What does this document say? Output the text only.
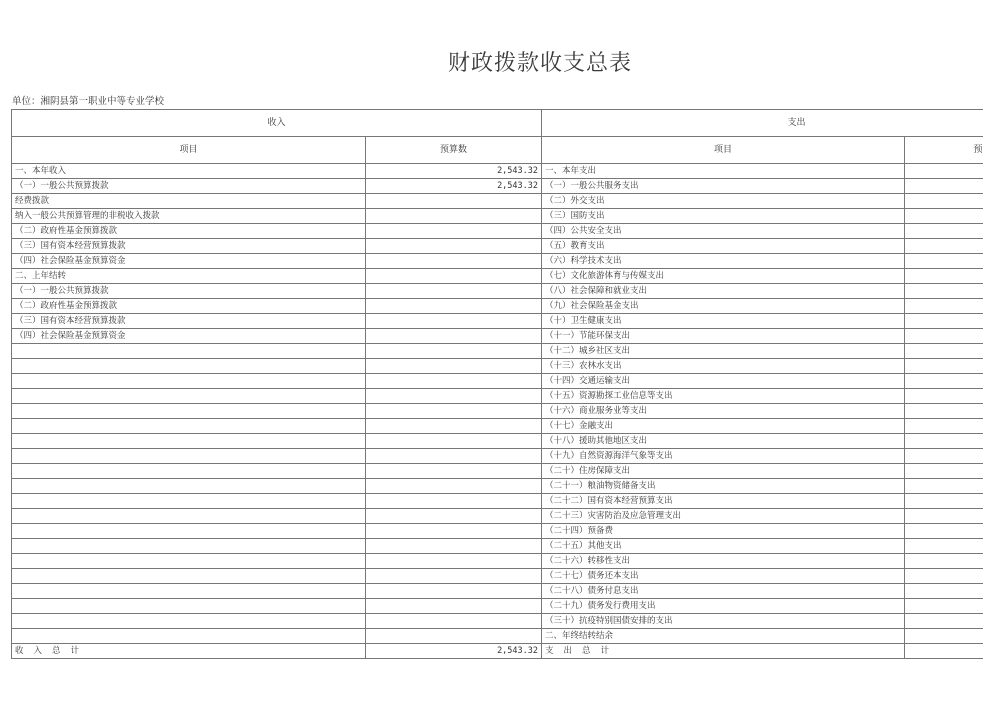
财政拨款收支总表
单位：湘阴县第一职业中等专业学校
收入		支出	
项目	预算数	项目	预
一、本年收入	2,543.32	一、本年支出	
（一）一般公共预算拨款	2,543.32	（一）一般公共服务支出	
经费拨款		（二）外交支出	
纳入一般公共预算管理的非税收入拨款		（三）国防支出	
（二）政府性基金预算拨款		（四）公共安全支出	
（三）国有资本经营预算拨款		（五）教育支出	
（四）社会保险基金预算资金		（六）科学技术支出	
二、上年结转		（七）文化旅游体育与传媒支出	
（一）一般公共预算拨款		（八）社会保障和就业支出	
（二）政府性基金预算拨款		（九）社会保险基金支出	
（三）国有资本经营预算拨款		（十）卫生健康支出	
（四）社会保险基金预算资金		（十一）节能环保支出	
		（十二）城乡社区支出	
		（十三）农林水支出	
		（十四）交通运输支出	
		（十五）资源勘探工业信息等支出	
		（十六）商业服务业等支出	
		（十七）金融支出	
		（十八）援助其他地区支出	
		（十九）自然资源海洋气象等支出	
		（二十）住房保障支出	
		（二十一）粮油物资储备支出	
		（二十二）国有资本经营预算支出	
		（二十三）灾害防治及应急管理支出	
		（二十四）预备费	
		（二十五）其他支出	
		（二十六）转移性支出	
		（二十七）债务还本支出	
		（二十八）债务付息支出	
		（二十九）债务发行费用支出	
		（三十）抗疫特别国债安排的支出	
		二、年终结转结余	
收入总计	2,543.32	支出总计	
